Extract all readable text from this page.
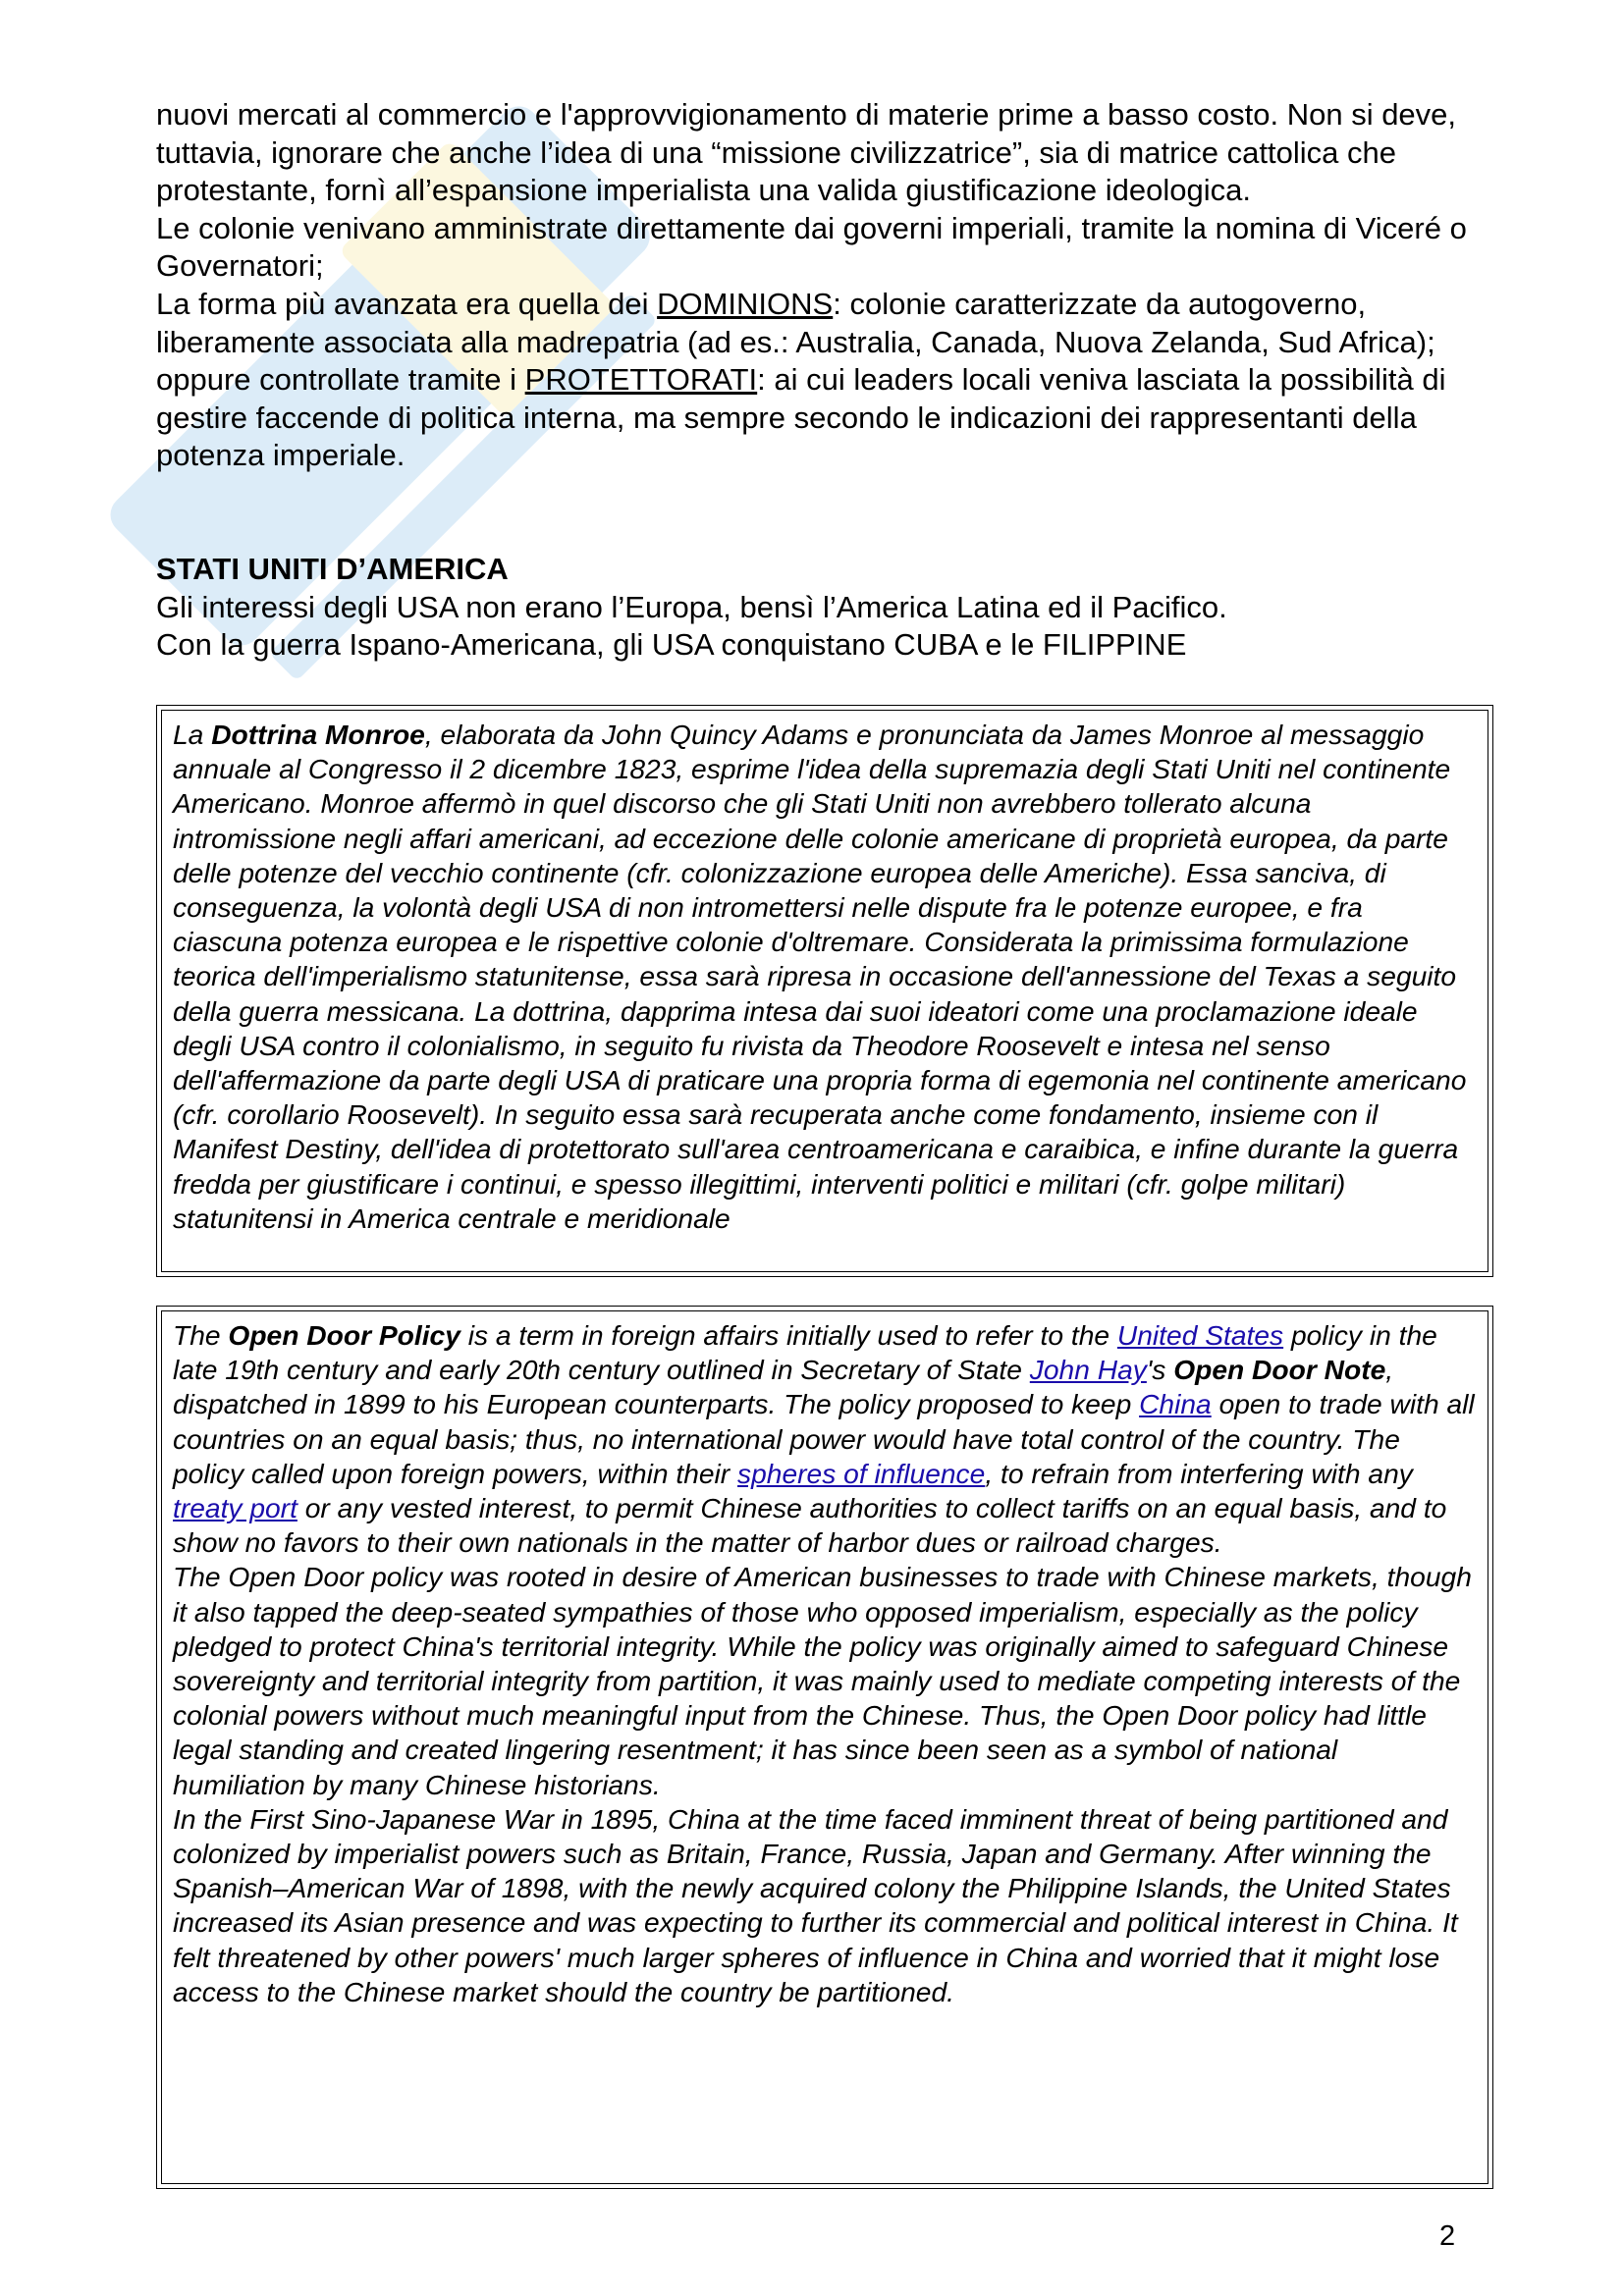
nuovi mercati al commercio e l'approvvigionamento di materie prime a basso costo. Non si deve, tuttavia, ignorare che anche l’idea di una “missione civilizzatrice”, sia di matrice cattolica che protestante, fornì all’espansione imperialista una valida giustificazione ideologica.

Le colonie venivano amministrate direttamente dai governi imperiali, tramite la nomina di Viceré o Governatori;

La forma più avanzata era quella dei DOMINIONS: colonie caratterizzate da autogoverno, liberamente associata alla madrepatria (ad es.: Australia, Canada, Nuova Zelanda, Sud Africa); oppure controllate tramite i PROTETTORATI: ai cui leaders locali veniva lasciata la possibilità di gestire faccende di politica interna, ma sempre secondo le indicazioni dei rappresentanti della potenza imperiale.

STATI UNITI D’AMERICA

Gli interessi degli USA non erano l’Europa, bensì l’America Latina ed il Pacifico.

Con la guerra Ispano-Americana, gli USA conquistano CUBA e le FILIPPINE

La Dottrina Monroe, elaborata da John Quincy Adams e pronunciata da James Monroe al messaggio annuale al Congresso il 2 dicembre 1823, esprime l'idea della supremazia degli Stati Uniti nel continente Americano. Monroe affermò in quel discorso che gli Stati Uniti non avrebbero tollerato alcuna intromissione negli affari americani, ad eccezione delle colonie americane di proprietà europea, da parte delle potenze del vecchio continente (cfr. colonizzazione europea delle Americhe). Essa sanciva, di conseguenza, la volontà degli USA di non intromettersi nelle dispute fra le potenze europee, e fra ciascuna potenza europea e le rispettive colonie d'oltremare. Considerata la primissima formulazione teorica dell'imperialismo statunitense, essa sarà ripresa in occasione dell'annessione del Texas a seguito della guerra messicana. La dottrina, dapprima intesa dai suoi ideatori come una proclamazione ideale degli USA contro il colonialismo, in seguito fu rivista da Theodore Roosevelt e intesa nel senso dell'affermazione da parte degli USA di praticare una propria forma di egemonia nel continente americano (cfr. corollario Roosevelt). In seguito essa sarà recuperata anche come fondamento, insieme con il Manifest Destiny, dell'idea di protettorato sull'area centroamericana e caraibica, e infine durante la guerra fredda per giustificare i continui, e spesso illegittimi, interventi politici e militari (cfr. golpe militari) statunitensi in America centrale e meridionale

The Open Door Policy is a term in foreign affairs initially used to refer to the United States policy in the late 19th century and early 20th century outlined in Secretary of State John Hay's Open Door Note, dispatched in 1899 to his European counterparts. The policy proposed to keep China open to trade with all countries on an equal basis; thus, no international power would have total control of the country. The policy called upon foreign powers, within their spheres of influence, to refrain from interfering with any treaty port or any vested interest, to permit Chinese authorities to collect tariffs on an equal basis, and to show no favors to their own nationals in the matter of harbor dues or railroad charges.

The Open Door policy was rooted in desire of American businesses to trade with Chinese markets, though it also tapped the deep-seated sympathies of those who opposed imperialism, especially as the policy pledged to protect China's territorial integrity. While the policy was originally aimed to safeguard Chinese sovereignty and territorial integrity from partition, it was mainly used to mediate competing interests of the colonial powers without much meaningful input from the Chinese. Thus, the Open Door policy had little legal standing and created lingering resentment; it has since been seen as a symbol of national humiliation by many Chinese historians.

In the First Sino-Japanese War in 1895, China at the time faced imminent threat of being partitioned and colonized by imperialist powers such as Britain, France, Russia, Japan and Germany. After winning the Spanish–American War of 1898, with the newly acquired colony the Philippine Islands, the United States increased its Asian presence and was expecting to further its commercial and political interest in China. It felt threatened by other powers' much larger spheres of influence in China and worried that it might lose access to the Chinese market should the country be partitioned.

2
